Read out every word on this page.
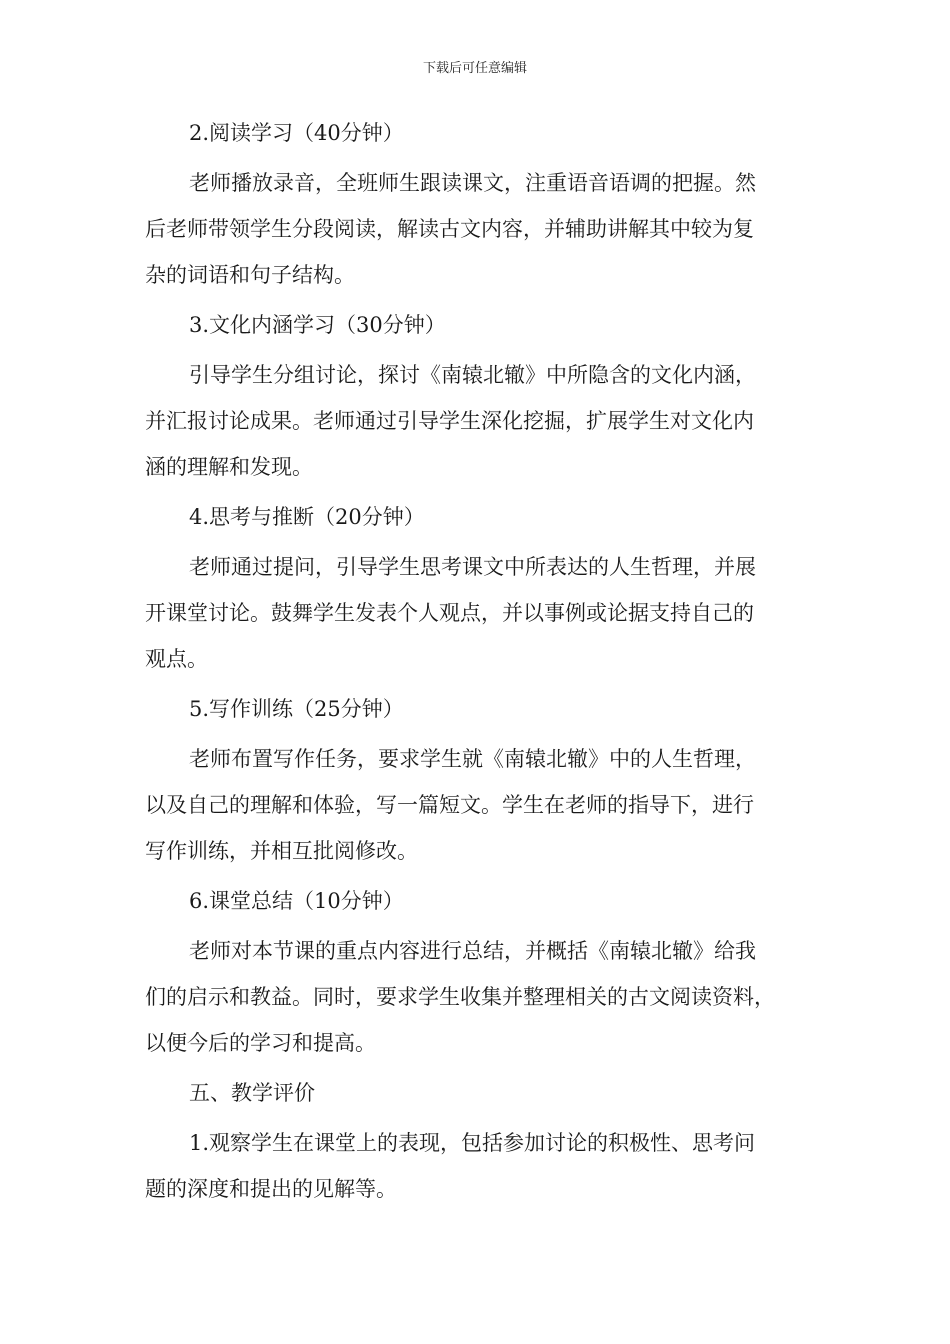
下载后可任意编辑
2.阅读学习（40分钟）
老师播放录音，全班师生跟读课文，注重语音语调的把握。然
后老师带领学生分段阅读，解读古文内容，并辅助讲解其中较为复
杂的词语和句子结构。
3.文化内涵学习（30分钟）
引导学生分组讨论，探讨《南辕北辙》中所隐含的文化内涵，
并汇报讨论成果。老师通过引导学生深化挖掘，扩展学生对文化内
涵的理解和发现。
4.思考与推断（20分钟）
老师通过提问，引导学生思考课文中所表达的人生哲理，并展
开课堂讨论。鼓舞学生发表个人观点，并以事例或论据支持自己的
观点。
5.写作训练（25分钟）
老师布置写作任务，要求学生就《南辕北辙》中的人生哲理，
以及自己的理解和体验，写一篇短文。学生在老师的指导下，进行
写作训练，并相互批阅修改。
6.课堂总结（10分钟）
老师对本节课的重点内容进行总结，并概括《南辕北辙》给我
们的启示和教益。同时，要求学生收集并整理相关的古文阅读资料，
以便今后的学习和提高。
五、教学评价
1.观察学生在课堂上的表现，包括参加讨论的积极性、思考问
题的深度和提出的见解等。
